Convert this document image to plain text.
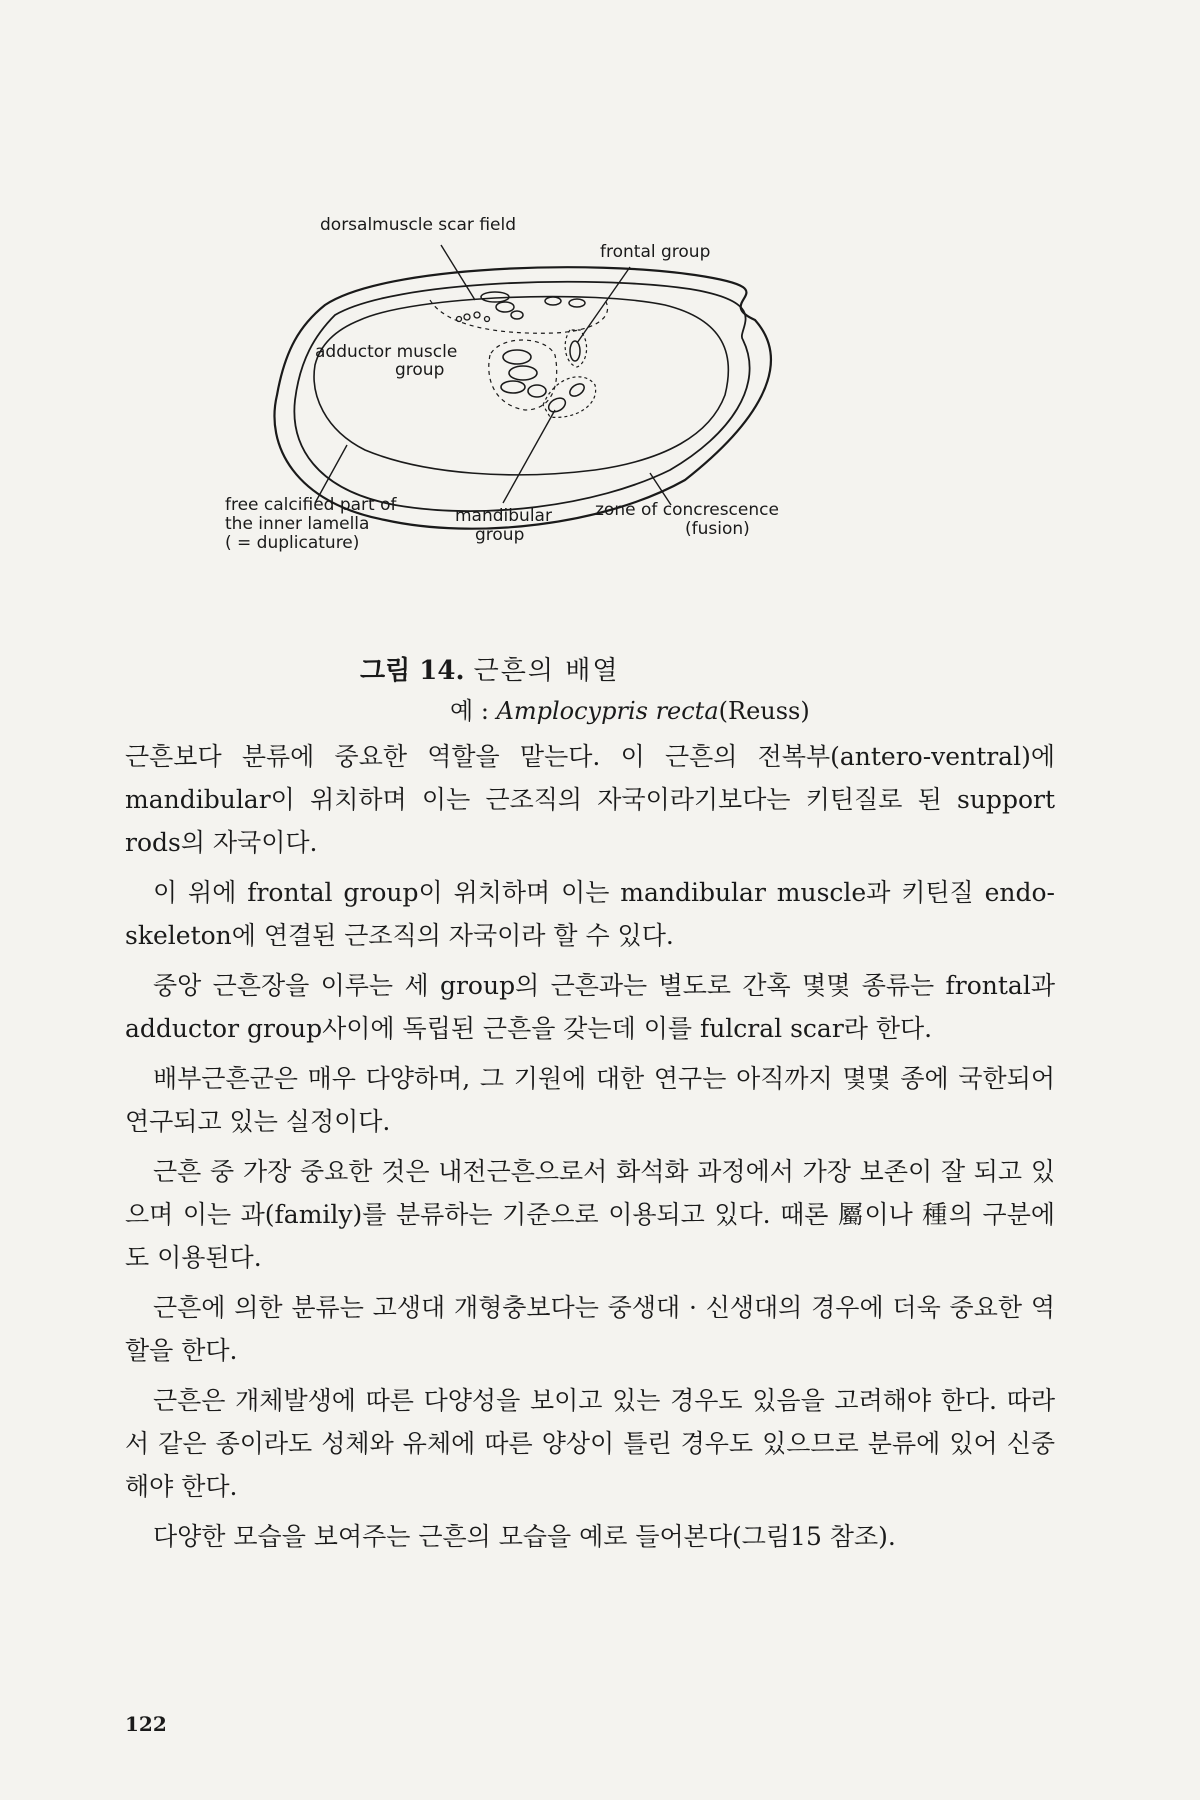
dorsalmuscle scar field
frontal group
adductor muscle
group
free calcified part of
the inner lamella
( = duplicature)
mandibular
group
zone of concrescence
(fusion)
그림 14. 근흔의 배열
예 : Amplocypris recta(Reuss)

근흔보다 분류에 중요한 역할을 맡는다. 이 근흔의 전복부(antero-ventral)에 mandibular이 위치하며 이는 근조직의 자국이라기보다는 키틴질로 된 support rods의 자국이다.

이 위에 frontal group이 위치하며 이는 mandibular muscle과 키틴질 endo-skeleton에 연결된 근조직의 자국이라 할 수 있다.

중앙 근흔장을 이루는 세 group의 근흔과는 별도로 간혹 몇몇 종류는 frontal과 adductor group사이에 독립된 근흔을 갖는데 이를 fulcral scar라 한다.

배부근흔군은 매우 다양하며, 그 기원에 대한 연구는 아직까지 몇몇 종에 국한되어 연구되고 있는 실정이다.

근흔 중 가장 중요한 것은 내전근흔으로서 화석화 과정에서 가장 보존이 잘 되고 있으며 이는 과(family)를 분류하는 기준으로 이용되고 있다. 때론 屬이나 種의 구분에도 이용된다.

근흔에 의한 분류는 고생대 개형충보다는 중생대 · 신생대의 경우에 더욱 중요한 역할을 한다.

근흔은 개체발생에 따른 다양성을 보이고 있는 경우도 있음을 고려해야 한다. 따라서 같은 종이라도 성체와 유체에 따른 양상이 틀린 경우도 있으므로 분류에 있어 신중해야 한다.

다양한 모습을 보여주는 근흔의 모습을 예로 들어본다(그림15 참조).

122
